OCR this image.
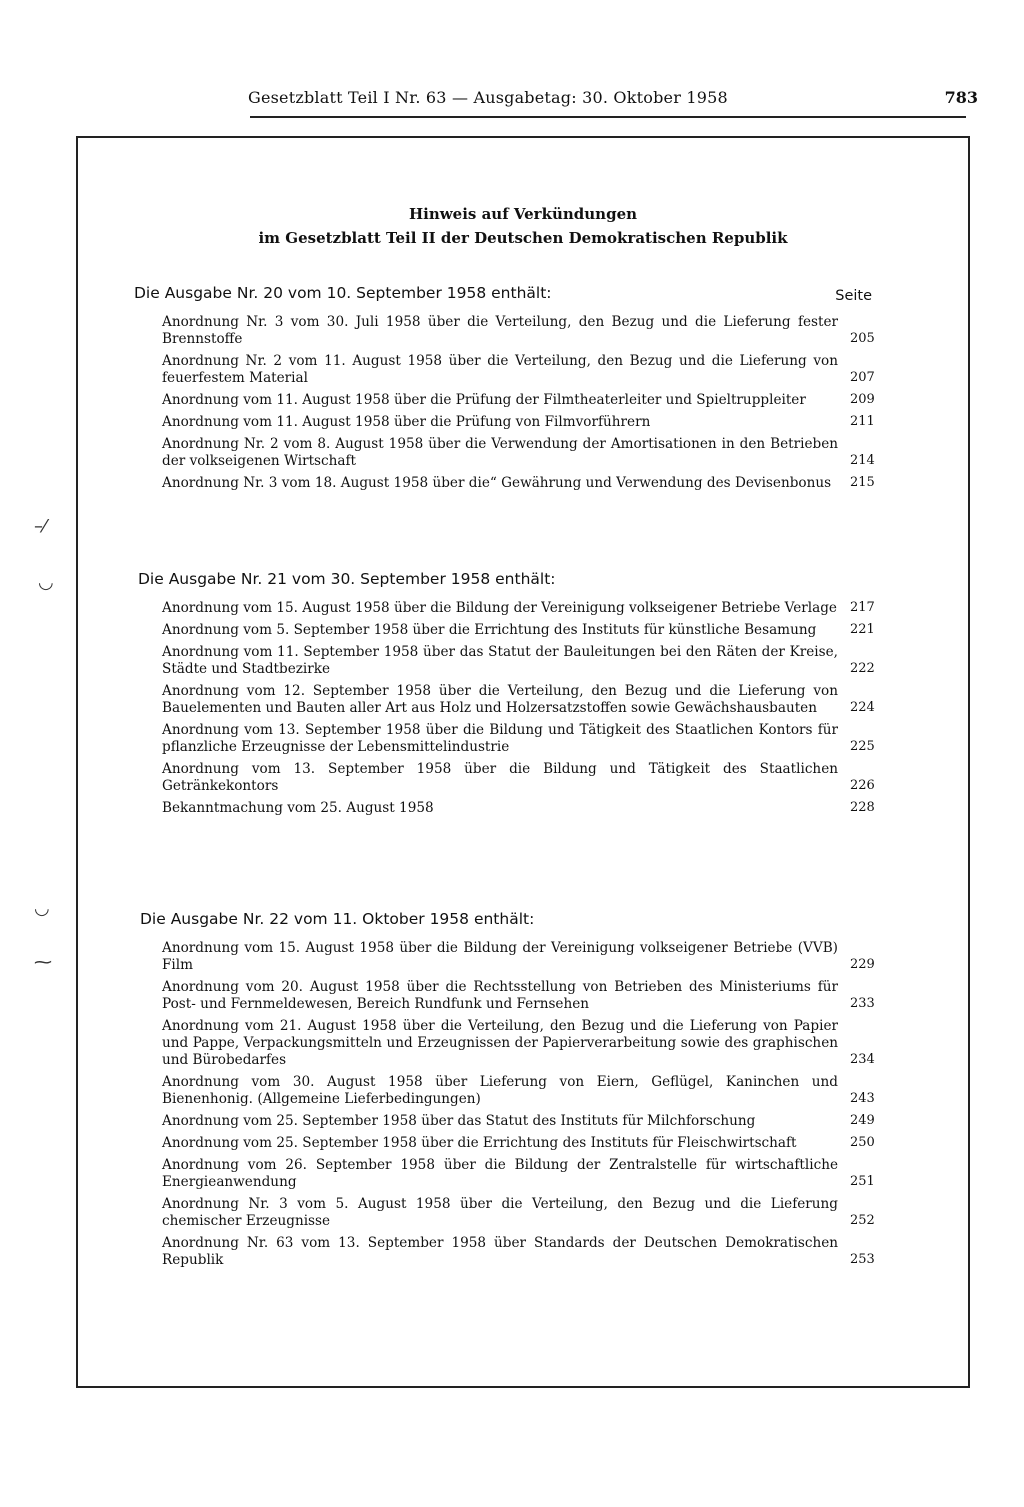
Gesetzblatt Teil I Nr. 63 — Ausgabetag: 30. Oktober 1958	783
–⁄
◡
◡
⁓
Hinweis auf Verkündungen
im Gesetzblatt Teil II der Deutschen Demokratischen Republik
Die Ausgabe Nr. 20 vom 10. September 1958 enthält:	Seite
Anordnung Nr. 3 vom 30. Juli 1958 über die Verteilung, den Bezug und die Lieferung fester Brennstoffe	205
Anordnung Nr. 2 vom 11. August 1958 über die Verteilung, den Bezug und die Lieferung von feuerfestem Material	207
Anordnung vom 11. August 1958 über die Prüfung der Filmtheaterleiter und Spieltruppleiter	209
Anordnung vom 11. August 1958 über die Prüfung von Filmvorführern	211
Anordnung Nr. 2 vom 8. August 1958 über die Verwendung der Amortisationen in den Betrieben der volkseigenen Wirtschaft	214
Anordnung Nr. 3 vom 18. August 1958 über die“ Gewährung und Verwendung des Devisenbonus	215
Die Ausgabe Nr. 21 vom 30. September 1958 enthält:
Anordnung vom 15. August 1958 über die Bildung der Vereinigung volkseigener Betriebe Verlage 217
Anordnung vom 5. September 1958 über die Errichtung des Instituts für künstliche Besamung	221
Anordnung vom 11. September 1958 über das Statut der Bauleitungen bei den Räten der Kreise, Städte und Stadtbezirke	222
Anordnung vom 12. September 1958 über die Verteilung, den Bezug und die Lieferung von Bauelementen und Bauten aller Art aus Holz und Holzersatzstoffen sowie Gewächshausbauten	224
Anordnung vom 13. September 1958 über die Bildung und Tätigkeit des Staatlichen Kontors für pflanzliche Erzeugnisse der Lebensmittelindustrie	225
Anordnung vom 13. September 1958 über die Bildung und Tätigkeit des Staatlichen Getränkekontors	226
Bekanntmachung vom 25. August 1958	228
Die Ausgabe Nr. 22 vom 11. Oktober 1958 enthält:
Anordnung vom 15. August 1958 über die Bildung der Vereinigung volkseigener Betriebe (VVB) Film	229
Anordnung vom 20. August 1958 über die Rechtsstellung von Betrieben des Ministeriums für Post- und Fernmeldewesen, Bereich Rundfunk und Fernsehen	233
Anordnung vom 21. August 1958 über die Verteilung, den Bezug und die Lieferung von Papier und Pappe, Verpackungsmitteln und Erzeugnissen der Papierverarbeitung sowie des graphischen und Bürobedarfes	234
Anordnung vom 30. August 1958 über Lieferung von Eiern, Geflügel, Kaninchen und Bienenhonig. (Allgemeine Lieferbedingungen)	243
Anordnung vom 25. September 1958 über das Statut des Instituts für Milchforschung	249
Anordnung vom 25. September 1958 über die Errichtung des Instituts für Fleischwirtschaft	250
Anordnung vom 26. September 1958 über die Bildung der Zentralstelle für wirtschaftliche Energieanwendung	251
Anordnung Nr. 3 vom 5. August 1958 über die Verteilung, den Bezug und die Lieferung chemischer Erzeugnisse	252
Anordnung Nr. 63 vom 13. September 1958 über Standards der Deutschen Demokratischen Republik	253
